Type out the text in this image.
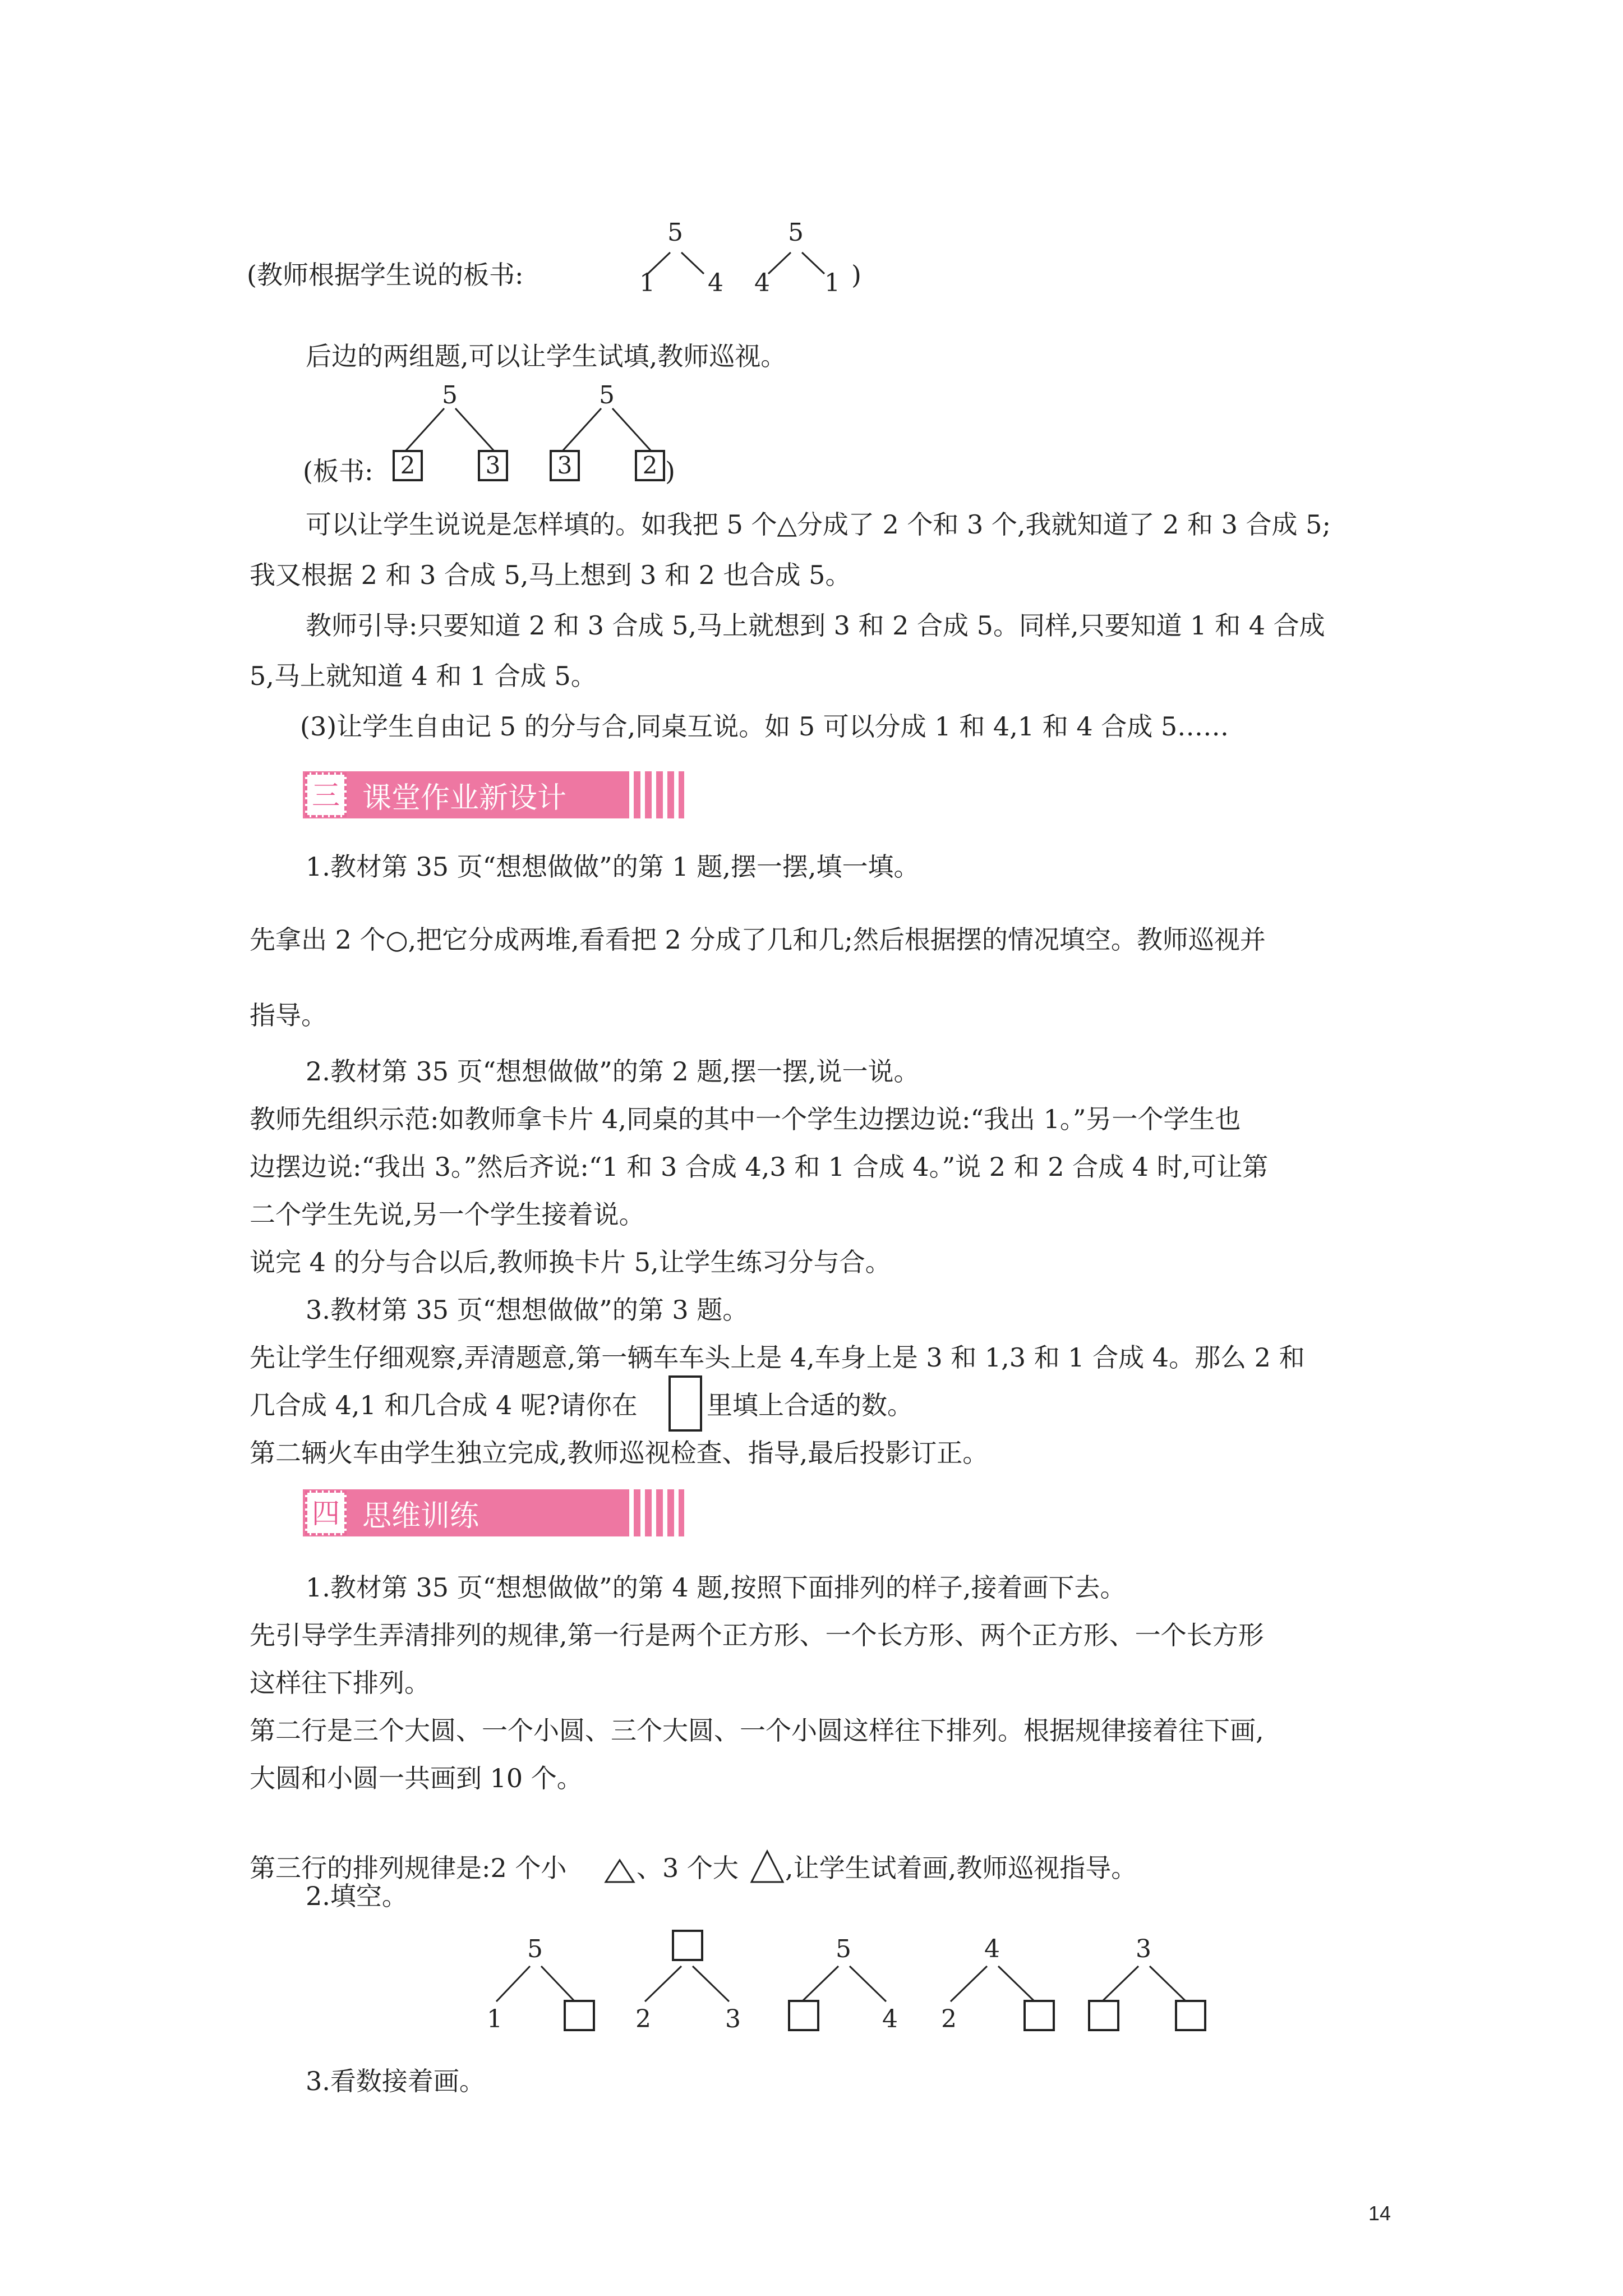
(教师根据学生说的板书:
5
1 4
5
4 1 )
后边的两组题,可以让学生试填,教师巡视。
(板书:
5
2	3
5
3	2 )
可以让学生说说是怎样填的。如我把 5 个△分成了 2 个和 3 个,我就知道了 2 和 3 合成 5;
我又根据 2 和 3 合成 5,马上想到 3 和 2 也合成 5。
教师引导:只要知道 2 和 3 合成 5,马上就想到 3 和 2 合成 5。同样,只要知道 1 和 4 合成
5,马上就知道 4 和 1 合成 5。
(3)让学生自由记 5 的分与合,同桌互说。如 5 可以分成 1 和 4,1 和 4 合成 5……
三 课堂作业新设计
1.教材第 35 页“想想做做”的第 1 题,摆一摆,填一填。
先拿出 2 个○,把它分成两堆,看看把 2 分成了几和几;然后根据摆的情况填空。教师巡视并
指导。
2.教材第 35 页“想想做做”的第 2 题,摆一摆,说一说。
教师先组织示范:如教师拿卡片 4,同桌的其中一个学生边摆边说:“我出 1。”另一个学生也
边摆边说:“我出 3。”然后齐说:“1 和 3 合成 4,3 和 1 合成 4。”说 2 和 2 合成 4 时,可让第
二个学生先说,另一个学生接着说。
说完 4 的分与合以后,教师换卡片 5,让学生练习分与合。
3.教材第 35 页“想想做做”的第 3 题。
先让学生仔细观察,弄清题意,第一辆车车头上是 4,车身上是 3 和 1,3 和 1 合成 4。那么 2 和
几合成 4,1 和几合成 4 呢?请你在	里填上合适的数。
第二辆火车由学生独立完成,教师巡视检查、指导,最后投影订正。
四 思维训练
1.教材第 35 页“想想做做”的第 4 题,按照下面排列的样子,接着画下去。
先引导学生弄清排列的规律,第一行是两个正方形、一个长方形、两个正方形、一个长方形
这样往下排列。
第二行是三个大圆、一个小圆、三个大圆、一个小圆这样往下排列。根据规律接着往下画,
大圆和小圆一共画到 10 个。
第三行的排列规律是:2 个小	、3 个大 ,让学生试着画,教师巡视指导。
2.填空。
5
1	2	3
5
4
4
2
3
3.看数接着画。
14
